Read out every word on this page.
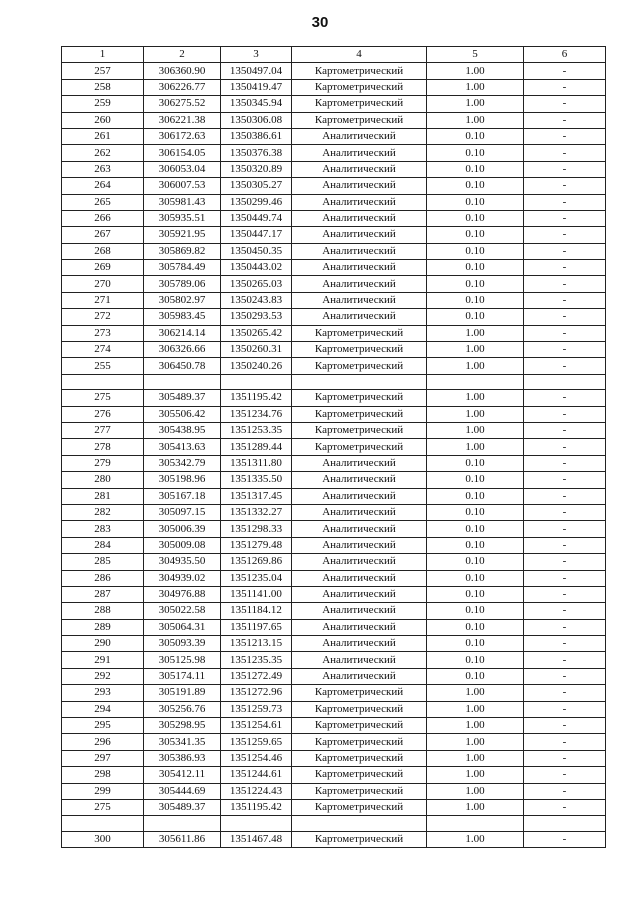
30
1	2	3	4	5	6
257	306360.90	1350497.04	Картометрический	1.00	-
258	306226.77	1350419.47	Картометрический	1.00	-
259	306275.52	1350345.94	Картометрический	1.00	-
260	306221.38	1350306.08	Картометрический	1.00	-
261	306172.63	1350386.61	Аналитический	0.10	-
262	306154.05	1350376.38	Аналитический	0.10	-
263	306053.04	1350320.89	Аналитический	0.10	-
264	306007.53	1350305.27	Аналитический	0.10	-
265	305981.43	1350299.46	Аналитический	0.10	-
266	305935.51	1350449.74	Аналитический	0.10	-
267	305921.95	1350447.17	Аналитический	0.10	-
268	305869.82	1350450.35	Аналитический	0.10	-
269	305784.49	1350443.02	Аналитический	0.10	-
270	305789.06	1350265.03	Аналитический	0.10	-
271	305802.97	1350243.83	Аналитический	0.10	-
272	305983.45	1350293.53	Аналитический	0.10	-
273	306214.14	1350265.42	Картометрический	1.00	-
274	306326.66	1350260.31	Картометрический	1.00	-
255	306450.78	1350240.26	Картометрический	1.00	-

275	305489.37	1351195.42	Картометрический	1.00	-
276	305506.42	1351234.76	Картометрический	1.00	-
277	305438.95	1351253.35	Картометрический	1.00	-
278	305413.63	1351289.44	Картометрический	1.00	-
279	305342.79	1351311.80	Аналитический	0.10	-
280	305198.96	1351335.50	Аналитический	0.10	-
281	305167.18	1351317.45	Аналитический	0.10	-
282	305097.15	1351332.27	Аналитический	0.10	-
283	305006.39	1351298.33	Аналитический	0.10	-
284	305009.08	1351279.48	Аналитический	0.10	-
285	304935.50	1351269.86	Аналитический	0.10	-
286	304939.02	1351235.04	Аналитический	0.10	-
287	304976.88	1351141.00	Аналитический	0.10	-
288	305022.58	1351184.12	Аналитический	0.10	-
289	305064.31	1351197.65	Аналитический	0.10	-
290	305093.39	1351213.15	Аналитический	0.10	-
291	305125.98	1351235.35	Аналитический	0.10	-
292	305174.11	1351272.49	Аналитический	0.10	-
293	305191.89	1351272.96	Картометрический	1.00	-
294	305256.76	1351259.73	Картометрический	1.00	-
295	305298.95	1351254.61	Картометрический	1.00	-
296	305341.35	1351259.65	Картометрический	1.00	-
297	305386.93	1351254.46	Картометрический	1.00	-
298	305412.11	1351244.61	Картометрический	1.00	-
299	305444.69	1351224.43	Картометрический	1.00	-
275	305489.37	1351195.42	Картометрический	1.00	-

300	305611.86	1351467.48	Картометрический	1.00	-
